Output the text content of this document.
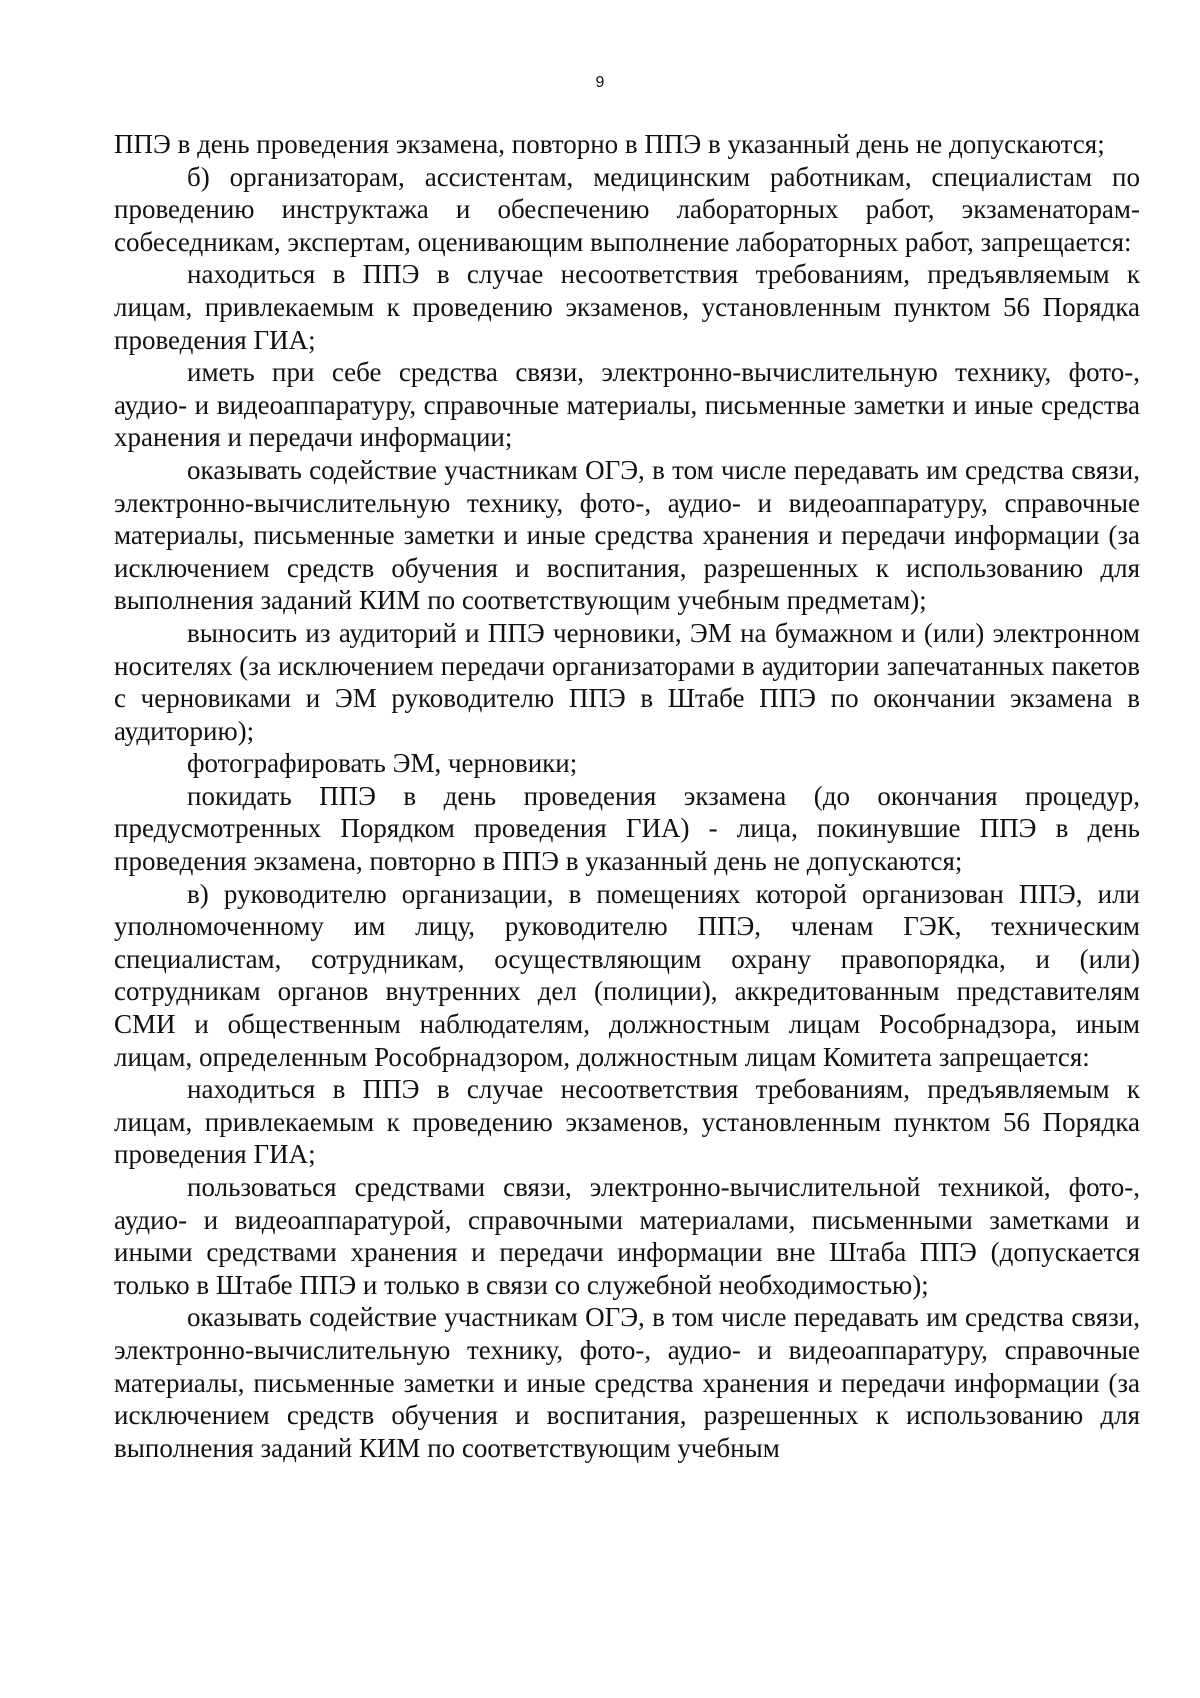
9

ППЭ в день проведения экзамена, повторно в ППЭ в указанный день не допускаются;

б) организаторам, ассистентам, медицинским работникам, специалистам по проведению инструктажа и обеспечению лабораторных работ, экзаменаторам-собеседникам, экспертам, оценивающим выполнение лабораторных работ, запрещается:

находиться в ППЭ в случае несоответствия требованиям, предъявляемым к лицам, привлекаемым к проведению экзаменов, установленным пунктом 56 Порядка проведения ГИА;

иметь при себе средства связи, электронно-вычислительную технику, фото-, аудио- и видеоаппаратуру, справочные материалы, письменные заметки и иные средства хранения и передачи информации;

оказывать содействие участникам ОГЭ, в том числе передавать им средства связи, электронно-вычислительную технику, фото-, аудио- и видеоаппаратуру, справочные материалы, письменные заметки и иные средства хранения и передачи информации (за исключением средств обучения и воспитания, разрешенных к использованию для выполнения заданий КИМ по соответствующим учебным предметам);

выносить из аудиторий и ППЭ черновики, ЭМ на бумажном и (или) электронном носителях (за исключением передачи организаторами в аудитории запечатанных пакетов с черновиками и ЭМ руководителю ППЭ в Штабе ППЭ по окончании экзамена в аудиторию);

фотографировать ЭМ, черновики;

покидать ППЭ в день проведения экзамена (до окончания процедур, предусмотренных Порядком проведения ГИА) - лица, покинувшие ППЭ в день проведения экзамена, повторно в ППЭ в указанный день не допускаются;

в) руководителю организации, в помещениях которой организован ППЭ, или уполномоченному им лицу, руководителю ППЭ, членам ГЭК, техническим специалистам, сотрудникам, осуществляющим охрану правопорядка, и (или) сотрудникам органов внутренних дел (полиции), аккредитованным представителям СМИ и общественным наблюдателям, должностным лицам Рособрнадзора, иным лицам, определенным Рособрнадзором, должностным лицам Комитета запрещается:

находиться в ППЭ в случае несоответствия требованиям, предъявляемым к лицам, привлекаемым к проведению экзаменов, установленным пунктом 56 Порядка проведения ГИА;

пользоваться средствами связи, электронно-вычислительной техникой, фото-, аудио- и видеоаппаратурой, справочными материалами, письменными заметками и иными средствами хранения и передачи информации вне Штаба ППЭ (допускается только в Штабе ППЭ и только в связи со служебной необходимостью);

оказывать содействие участникам ОГЭ, в том числе передавать им средства связи, электронно-вычислительную технику, фото-, аудио- и видеоаппаратуру, справочные материалы, письменные заметки и иные средства хранения и передачи информации (за исключением средств обучения и воспитания, разрешенных к использованию для выполнения заданий КИМ по соответствующим учебным
